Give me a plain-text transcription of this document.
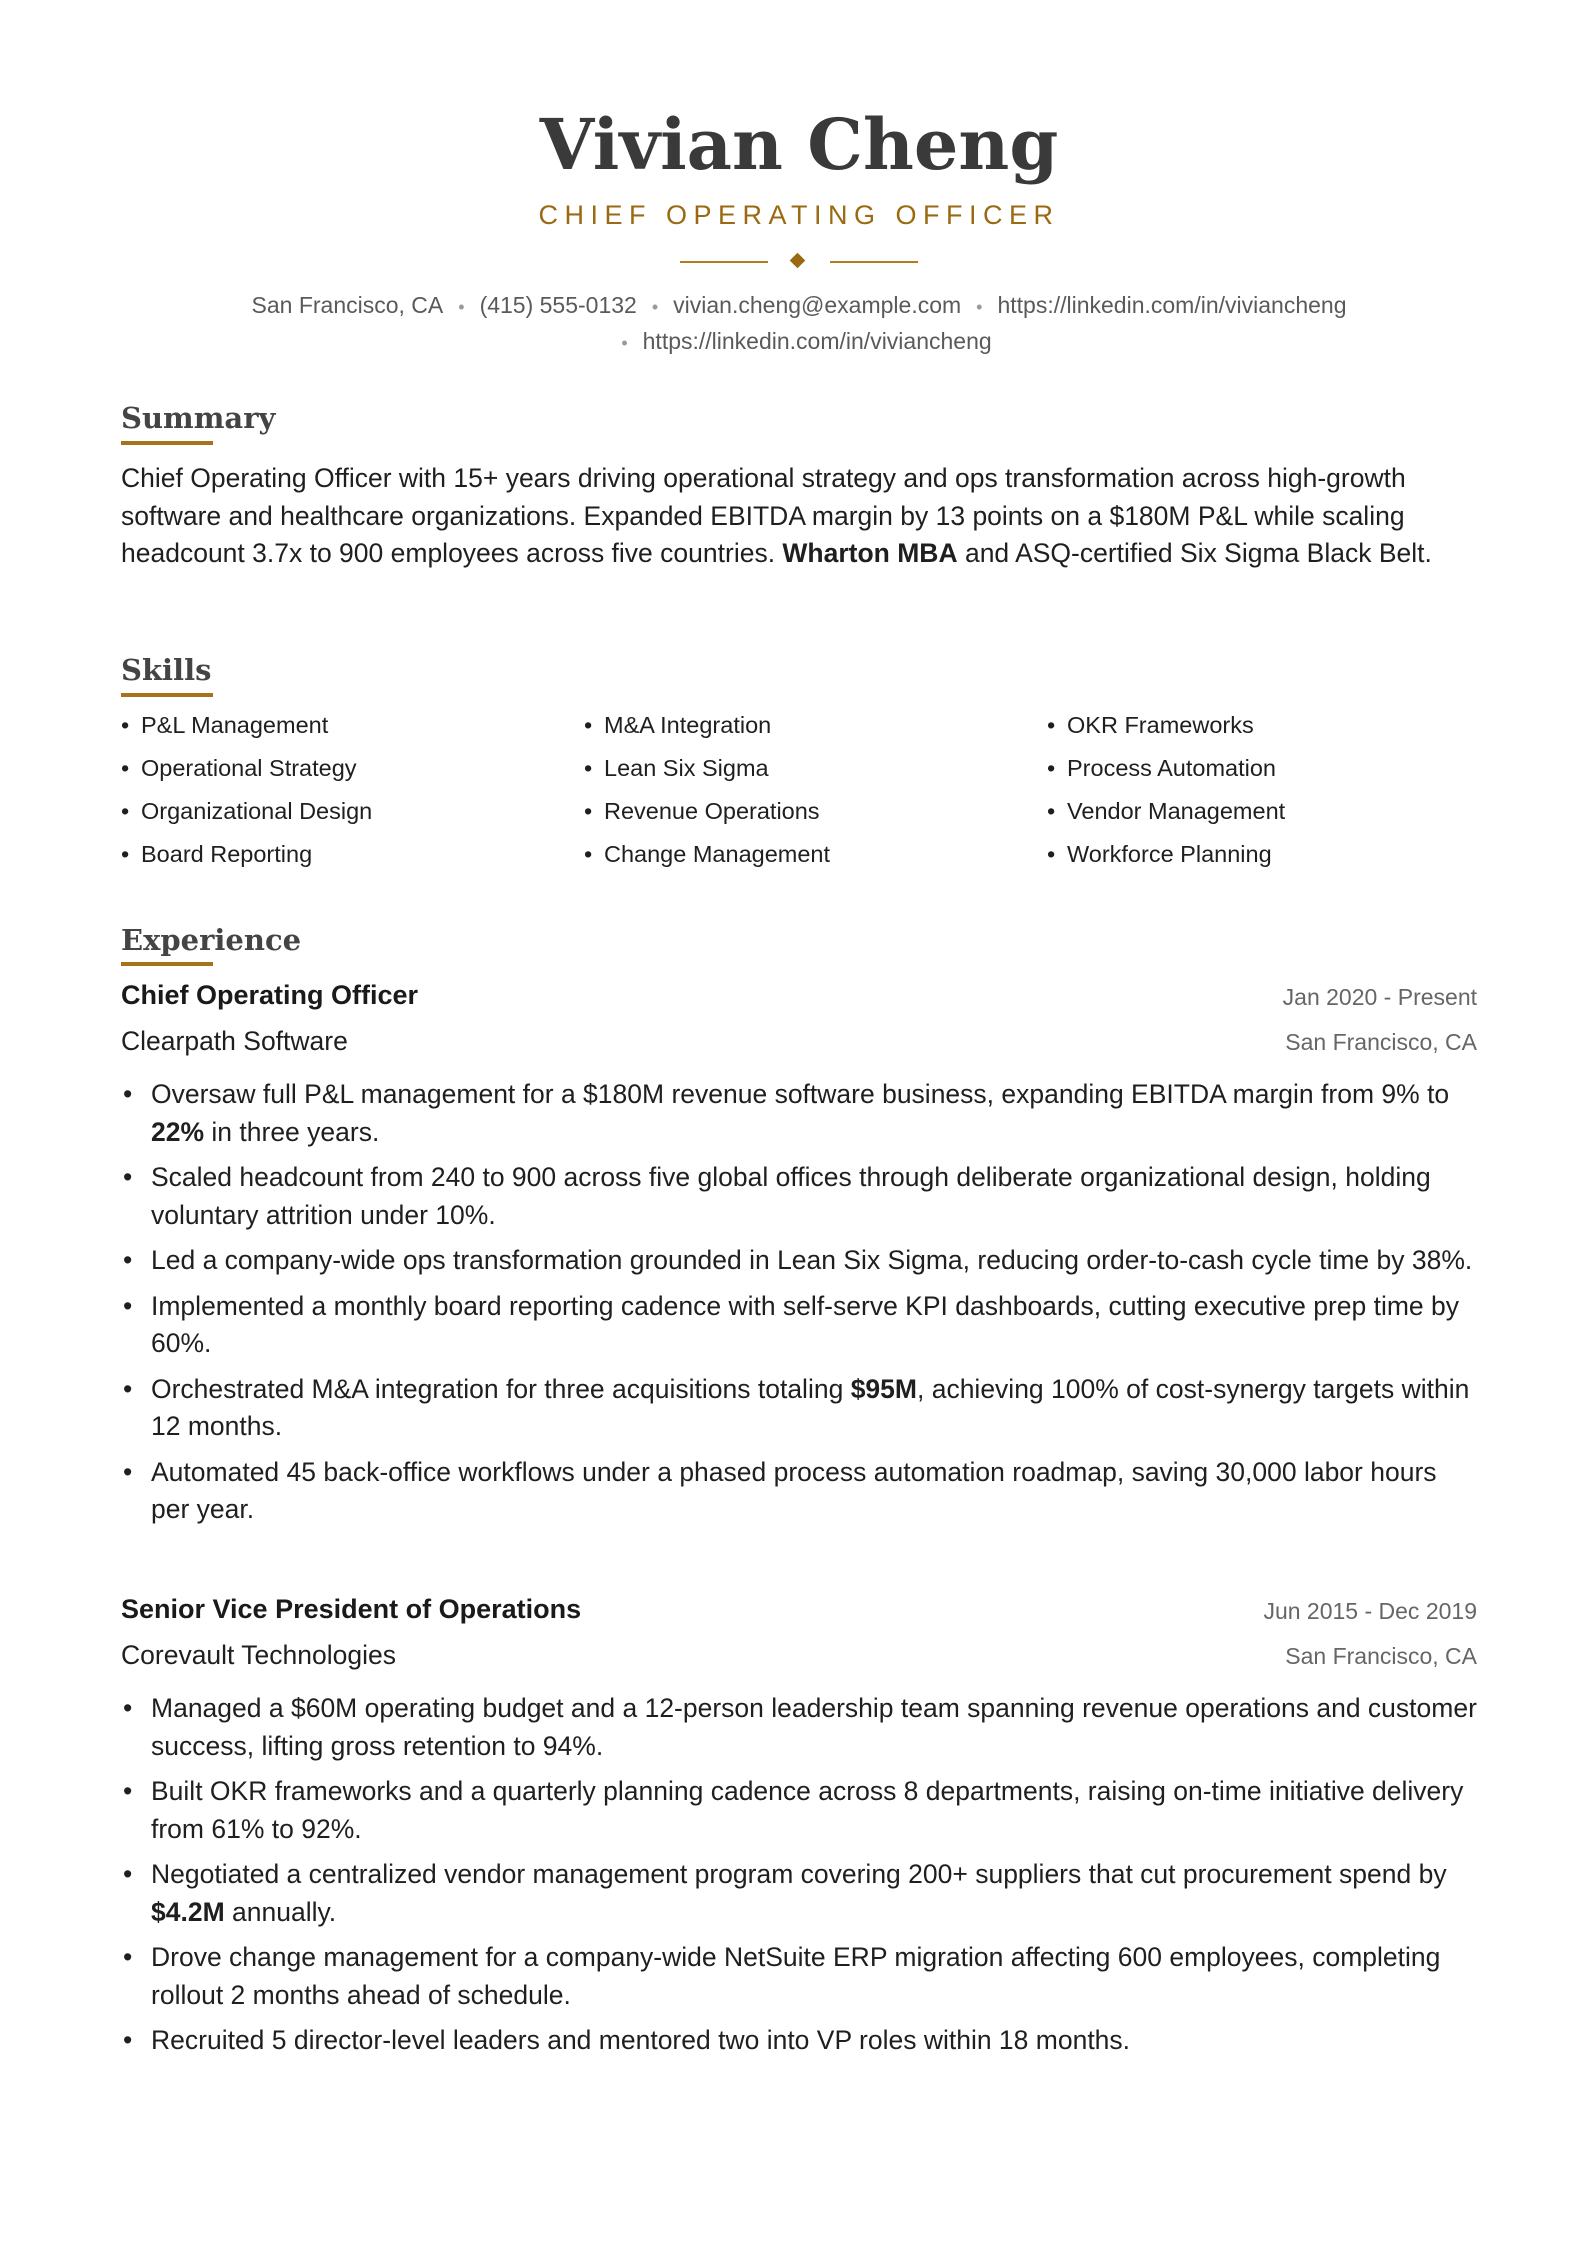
Vivian Cheng
CHIEF OPERATING OFFICER
San Francisco, CA • (415) 555-0132 • vivian.cheng@example.com • https://linkedin.com/in/viviancheng
• https://linkedin.com/in/viviancheng
Summary

Chief Operating Officer with 15+ years driving operational strategy and ops transformation across high-growth software and healthcare organizations. Expanded EBITDA margin by 13 points on a $180M P&L while scaling headcount 3.7x to 900 employees across five countries. Wharton MBA and ASQ-certified Six Sigma Black Belt.

Skills
• P&L Management
• Operational Strategy
• Organizational Design
• Board Reporting
• M&A Integration
• Lean Six Sigma
• Revenue Operations
• Change Management
• OKR Frameworks
• Process Automation
• Vendor Management
• Workforce Planning
Experience
Chief Operating Officer	Jan 2020 - Present
Clearpath Software	San Francisco, CA
• Oversaw full P&L management for a $180M revenue software business, expanding EBITDA margin from 9% to 22% in three years.
• Scaled headcount from 240 to 900 across five global offices through deliberate organizational design, holding voluntary attrition under 10%.
• Led a company-wide ops transformation grounded in Lean Six Sigma, reducing order-to-cash cycle time by 38%.
• Implemented a monthly board reporting cadence with self-serve KPI dashboards, cutting executive prep time by 60%.
• Orchestrated M&A integration for three acquisitions totaling $95M, achieving 100% of cost-synergy targets within 12 months.
• Automated 45 back-office workflows under a phased process automation roadmap, saving 30,000 labor hours per year.
Senior Vice President of Operations	Jun 2015 - Dec 2019
Corevault Technologies	San Francisco, CA
• Managed a $60M operating budget and a 12-person leadership team spanning revenue operations and customer success, lifting gross retention to 94%.
• Built OKR frameworks and a quarterly planning cadence across 8 departments, raising on-time initiative delivery from 61% to 92%.
• Negotiated a centralized vendor management program covering 200+ suppliers that cut procurement spend by $4.2M annually.
• Drove change management for a company-wide NetSuite ERP migration affecting 600 employees, completing rollout 2 months ahead of schedule.
• Recruited 5 director-level leaders and mentored two into VP roles within 18 months.
